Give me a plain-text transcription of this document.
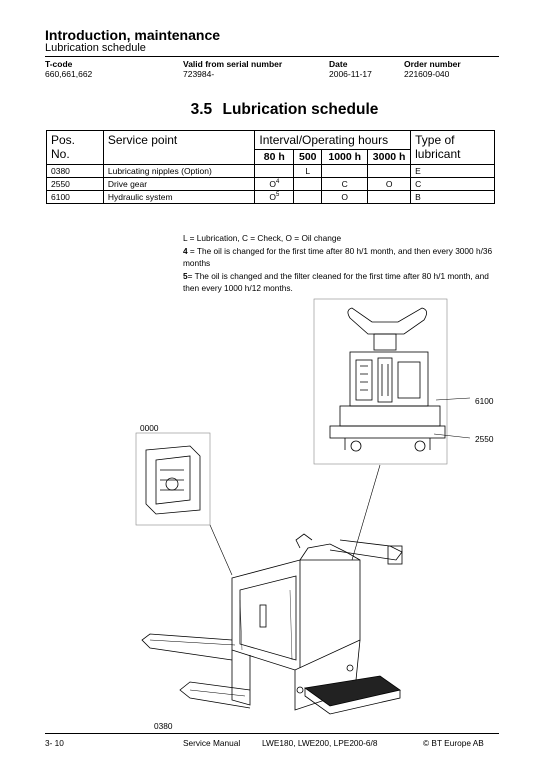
Introduction, maintenance
Lubrication schedule
T-code	Valid from serial number	Date	Order number
660,661,662	723984-	2006-11-17	221609-040
3.5 Lubrication schedule
Pos.
No.	Service point	Interval/Operating hours				Type of
lubricant
		80 h	500	1000 h	3000 h	
0380	Lubricating nipples (Option)		L			E
2550	Drive gear	$O^4$		C	O	C
6100	Hydraulic system	$O^5$		O		B
L = Lubrication, C = Check, O = Oil change
4 = The oil is changed for the first time after 80 h/1 month, and then every 3000 h/36 months
5= The oil is changed and the filter cleaned for the first time after 80 h/1 month, and then every 1000 h/12 months.
6100
2550
0000
0380
3- 10	Service Manual	LWE180, LWE200, LPE200-6/8	© BT Europe AB
